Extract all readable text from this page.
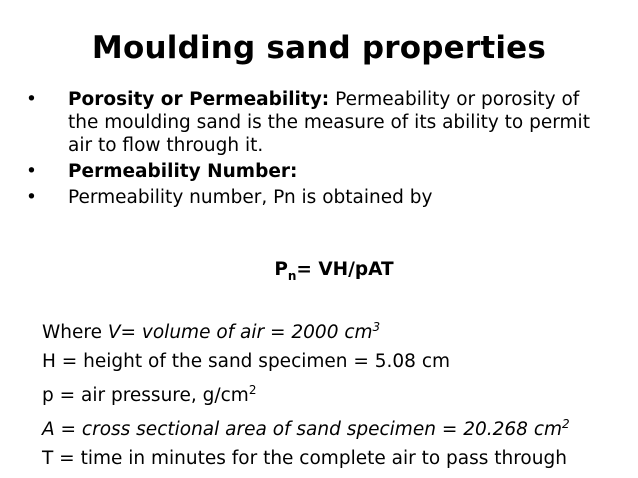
Moulding sand properties
• Porosity or Permeability: Permeability or porosity of
the moulding sand is the measure of its ability to permit
air to flow through it.
• Permeability Number:
• Permeability number, Pn is obtained by
$P_n= VH/pAT$
Where V= volume of air = 2000 $cm^3$
H = height of the sand specimen = 5.08 cm
p = air pressure, $g/cm^2$
A = cross sectional area of sand specimen = 20.268 $cm^2$
T = time in minutes for the complete air to pass through
